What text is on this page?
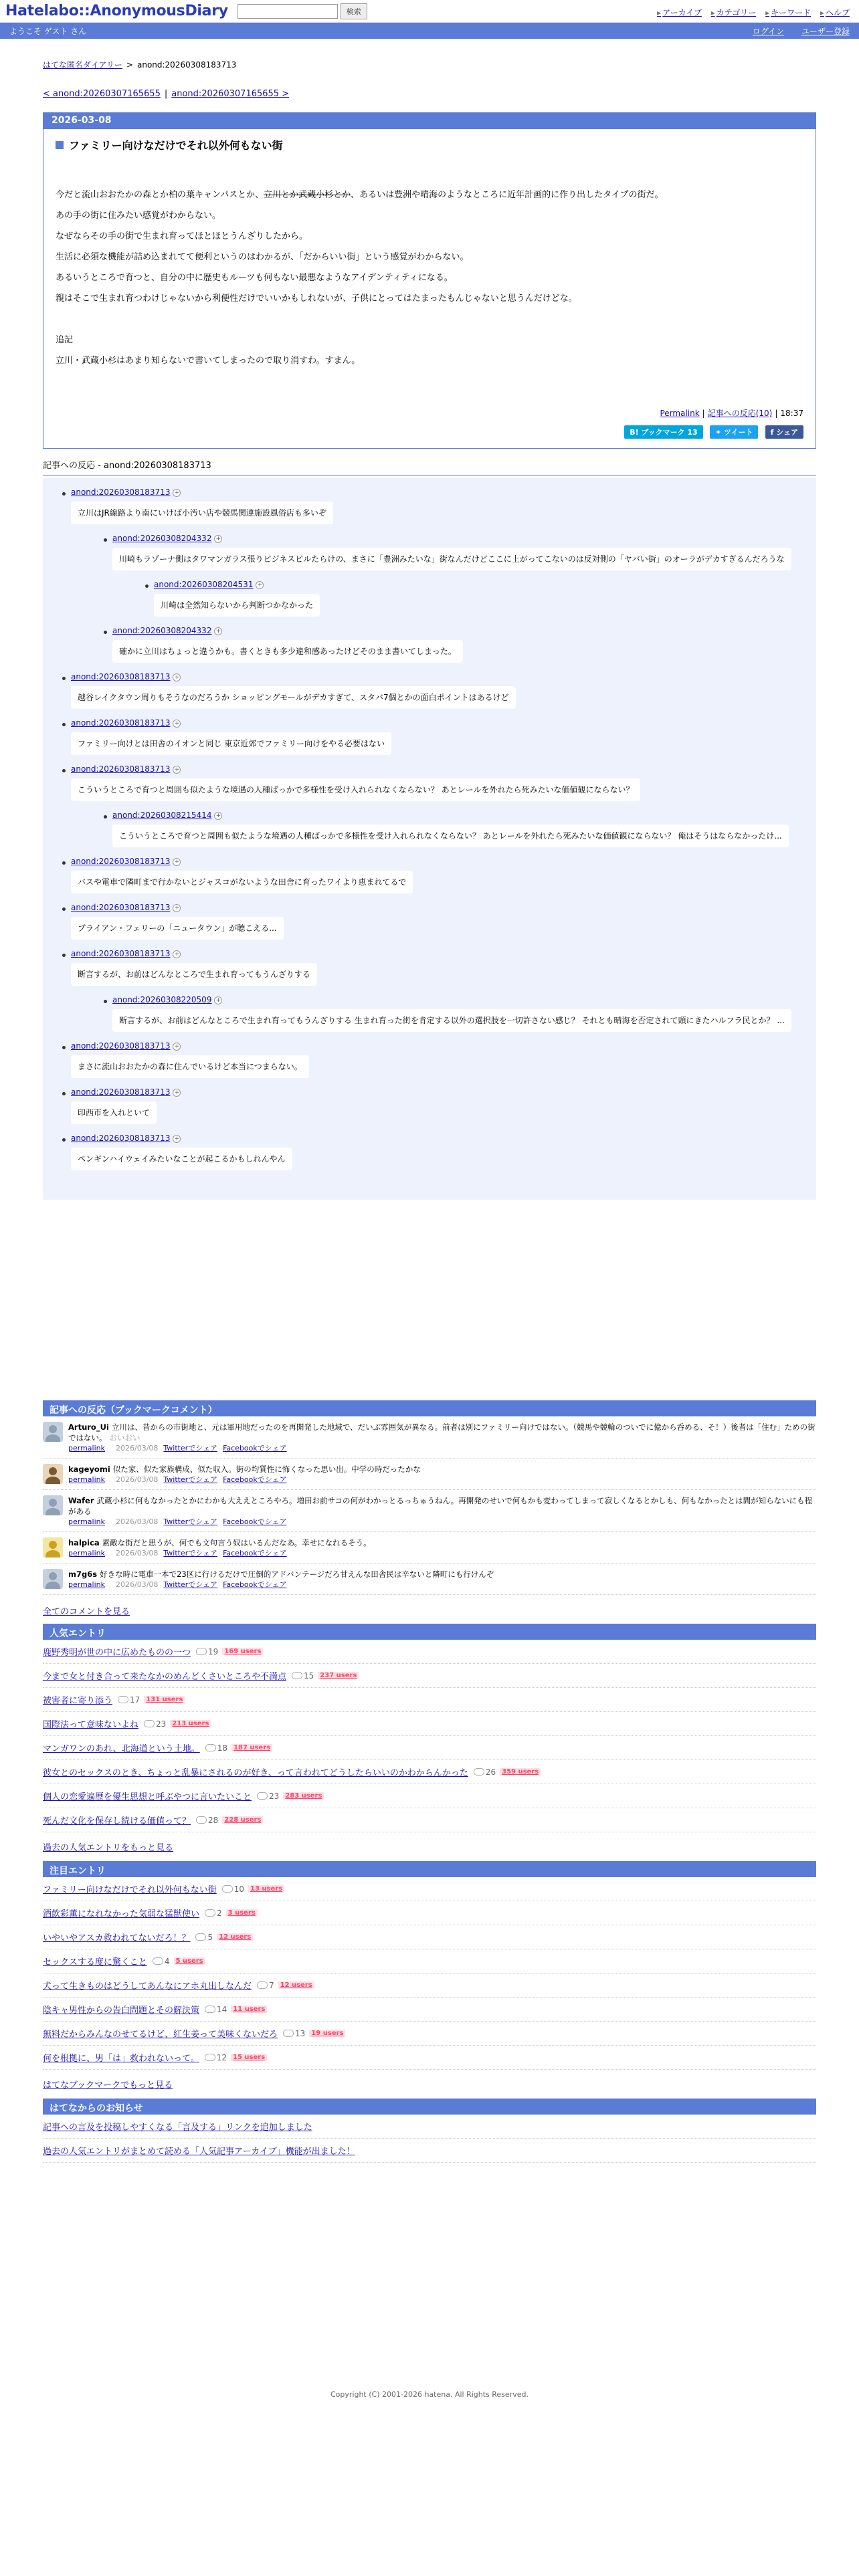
Hatelabo::AnonymousDiary	検索	▸ アーカイブ ▸ カテゴリー ▸ キーワード ▸ ヘルプ
ようこそ ゲスト さん	ログイン ユーザー登録
はてな匿名ダイアリー > anond:20260308183713
< anond:20260307165655 | anond:20260307165655 >
2026-03-08
ファミリー向けなだけでそれ以外何もない街

今だと流山おおたかの森とか柏の葉キャンパスとか、立川とか武蔵小杉とか、あるいは豊洲や晴海のようなところに近年計画的に作り出したタイプの街だ。

あの手の街に住みたい感覚がわからない。

なぜならその手の街で生まれ育ってほとほとうんざりしたから。

生活に必須な機能が詰め込まれてて便利というのはわかるが、「だからいい街」という感覚がわからない。

あるいうところで育つと、自分の中に歴史もルーツも何もない最悪なようなアイデンティティになる。

親はそこで生まれ育つわけじゃないから利便性だけでいいかもしれないが、子供にとってはたまったもんじゃないと思うんだけどな。

追記

立川・武蔵小杉はあまり知らないで書いてしまったので取り消すわ。すまん。

Permalink | 記事への反応(10) | 18:37
B! ブックマーク 13 ✦ ツイート f シェア
記事への反応 - anond:20260308183713
anond:20260308183713 +
立川はJR線路より南にいけば小汚い店や競馬関連施設風俗店も多いぞ
anond:20260308204332 +
川崎もラゾーナ側はタワマンガラス張りビジネスビルたらけの、まさに「豊洲みたいな」街なんだけどここに上がってこないのは反対側の「ヤバい街」のオーラがデカすぎるんだろうな
anond:20260308204531 +
川崎は全然知らないから判断つかなかった
anond:20260308204332 +
確かに立川はちょっと違うかも。書くときも多少違和感あったけどそのまま書いてしまった。
anond:20260308183713 +
越谷レイクタウン周りもそうなのだろうか ショッピングモールがデカすぎて、スタバ7個とかの面白ポイントはあるけど
anond:20260308183713 +
ファミリー向けとは田舎のイオンと同じ 東京近郊でファミリー向けをやる必要はない
anond:20260308183713 +
こういうところで育つと周囲も似たような境遇の人種ばっかで多様性を受け入れられなくならない？ あとレールを外れたら死みたいな価値観にならない？
anond:20260308215414 +
こういうところで育つと周囲も似たような境遇の人種ばっかで多様性を受け入れられなくならない？ あとレールを外れたら死みたいな価値観にならない？ 俺はそうはならなかったけ...
anond:20260308183713 +
バスや電車で隣町まで行かないとジャスコがないような田舎に育ったワイより恵まれてるで
anond:20260308183713 +
ブライアン・フェリーの「ニュータウン」が聴こえる...
anond:20260308183713 +
断言するが、お前はどんなところで生まれ育ってもうんざりする
anond:20260308220509 +
断言するが、お前はどんなところで生まれ育ってもうんざりする 生まれ育った街を肯定する以外の選択肢を一切許さない感じ？ それとも晴海を否定されて頭にきたハルフラ民とか？ ...
anond:20260308183713 +
まさに流山おおたかの森に住んでいるけど本当につまらない。
anond:20260308183713 +
印西市を入れといて
anond:20260308183713 +
ペンギンハイウェイみたいなことが起こるかもしれんやん
記事への反応（ブックマークコメント）
Arturo_Ui 立川は、昔からの市街地と、元は軍用地だったのを再開発した地域で、だいぶ雰囲気が異なる。前者は別にファミリー向けではない。（競馬や競輪のついでに億から呑める、そ！）後者は「住む」ための街ではない。 おいおい
permalink 2026/03/08 Twitterでシェア Facebookでシェア
kageyomi 似た家、似た家族構成、似た収入。街の均質性に怖くなった思い出。中学の時だったかな
permalink 2026/03/08 Twitterでシェア Facebookでシェア
Wafer 武蔵小杉に何もなかったとかにわかも大ええところやろ。増田お前サコの何がわかっとるっちゅうねん。再開発のせいで何もかも変わってしまって寂しくなるとかしも、何もなかったとは間が知らないにも程がある
permalink 2026/03/08 Twitterでシェア Facebookでシェア
halpica 素敵な街だと思うが、何でも文句言う奴はいるんだなあ。幸せになれるそう。
permalink 2026/03/08 Twitterでシェア Facebookでシェア
m7g6s 好きな時に電車一本で23区に行けるだけで圧倒的アドバンテージだろ甘えんな田舎民は辛ないと隣町にも行けんぞ
permalink 2026/03/08 Twitterでシェア Facebookでシェア
全てのコメントを見る
人気エントリ
鹿野秀明が世の中に広めたものの一つ 19 169 users
今まで女と付き合って来たなかのめんどくさいところや不満点 15 237 users
被害者に寄り添う 17 131 users
国際法って意味ないよね 23 213 users
マンガワンのあれ、北海道という土地。 18 187 users
彼女とのセックスのとき、ちょっと乱暴にされるのが好き、って言われてどうしたらいいのかわからんかった 26 359 users
個人の恋愛遍歴を優生思想と呼ぶやつに言いたいこと 23 283 users
死んだ文化を保存し続ける価値って？ 28 228 users
過去の人気エントリをもっと見る
注目エントリ
ファミリー向けなだけでそれ以外何もない街 10 13 users
酒飲彩薫になれなかった気弱な猛獣使い 2 3 users
いやいやアスカ救われてないだろ！？ 5 12 users
セックスする度に驚くこと 4 5 users
犬って生きものはどうしてあんなにアホ丸出しなんだ 7 12 users
陰キャ男性からの告白問題とその解決策 14 11 users
無料だからみんなのせてるけど、紅生姜って美味くないだろ 13 19 users
何を根拠に、男「は」救われないって。 12 15 users
はてなブックマークでもっと見る
はてなからのお知らせ
記事への言及を投稿しやすくなる「言及する」リンクを追加しました
過去の人気エントリがまとめて読める「人気記事アーカイブ」機能が出ました！
Copyright (C) 2001-2026 hatena. All Rights Reserved.
